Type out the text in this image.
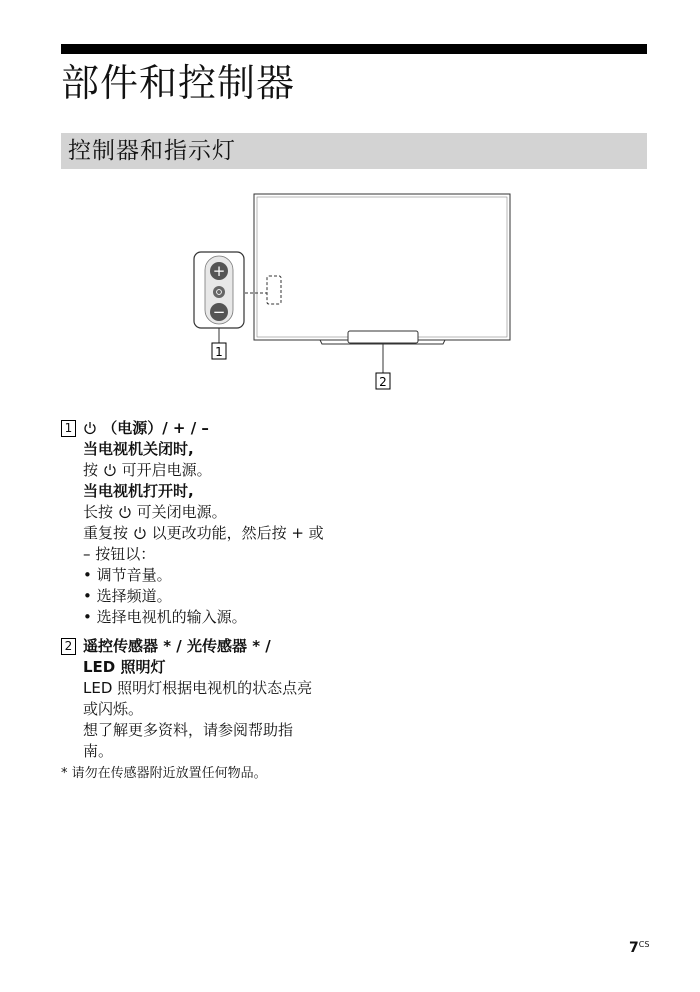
部件和控制器
控制器和指示灯
+
−
1
2
1	（电源）/ + / –
当电视机关闭时,
按 可开启电源。
当电视机打开时,
长按 可关闭电源。
重复按 以更改功能，然后按 + 或
– 按钮以：
• 调节音量。
• 选择频道。
• 选择电视机的输入源。
2 遥控传感器 * / 光传感器 * /
LED 照明灯
LED 照明灯根据电视机的状态点亮
或闪烁。
想了解更多资料，请参阅帮助指
南。
* 请勿在传感器附近放置任何物品。
$7^{CS}$
